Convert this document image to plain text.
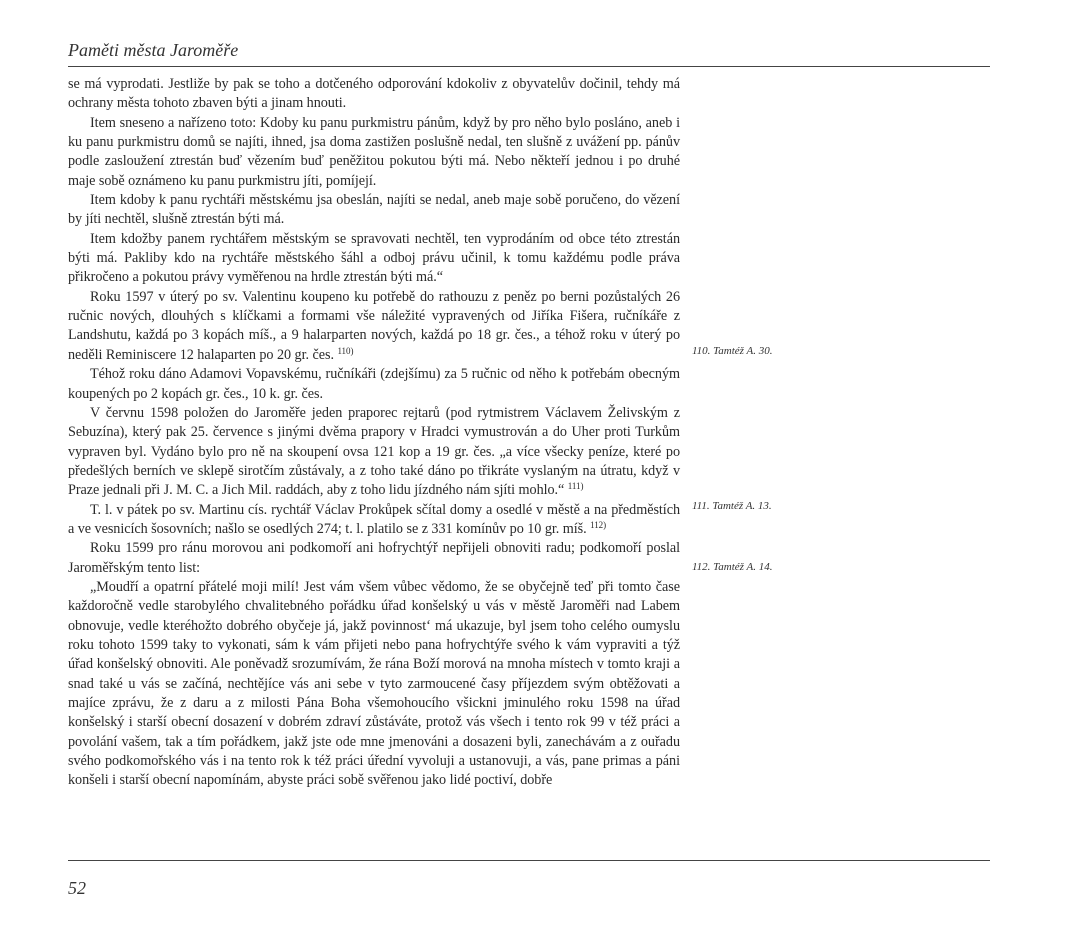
Paměti města Jaroměře

se má vyprodati. Jestliže by pak se toho a dotčeného odporování kdokoliv z obyvatelův dočinil, tehdy má ochrany města tohoto zbaven býti a jinam hnouti.

Item sneseno a nařízeno toto: Kdoby ku panu purkmistru pánům, když by pro něho bylo posláno, aneb i ku panu purkmistru domů se najíti, ihned, jsa doma zastižen poslušně nedal, ten slušně z uvážení pp. pánův podle zasloužení ztrestán buď vězením buď peněžitou pokutou býti má. Nebo někteří jednou i po druhé maje sobě oznámeno ku panu purkmistru jíti, pomíjejí.

Item kdoby k panu rychtáři městskému jsa obeslán, najíti se nedal, aneb maje sobě poručeno, do vězení by jíti nechtěl, slušně ztrestán býti má.

Item kdožby panem rychtářem městským se spravovati nechtěl, ten vyprodáním od obce této ztrestán býti má. Pakliby kdo na rychtáře městského šáhl a odboj právu učinil, k tomu každému podle práva přikročeno a pokutou právy vyměřenou na hrdle ztrestán býti má.“

Roku 1597 v úterý po sv. Valentinu koupeno ku potřebě do rathouzu z peněz po berni pozůstalých 26 ručnic nových, dlouhých s klíčkami a formami vše náležité vypravených od Jiříka Fišera, ručníkáře z Landshutu, každá po 3 kopách míš., a 9 halarparten nových, každá po 18 gr. čes., a téhož roku v úterý po neděli Reminiscere 12 halaparten po 20 gr. čes. $^{110)}$

Téhož roku dáno Adamovi Vopavskému, ručníkáři (zdejšímu) za 5 ručnic od něho k potřebám obecným koupených po 2 kopách gr. čes., 10 k. gr. čes.

V červnu 1598 položen do Jaroměře jeden praporec rejtarů (pod rytmistrem Václavem Želivským z Sebuzína), který pak 25. července s jinými dvěma prapory v Hradci vymustrován a do Uher proti Turkům vypraven byl. Vydáno bylo pro ně na skoupení ovsa 121 kop a 19 gr. čes. „a více všecky peníze, které po předešlých berních ve sklepě sirotčím zůstávaly, a z toho také dáno po třikráte vyslaným na útratu, když v Praze jednali při J. M. C. a Jich Mil. raddách, aby z toho lidu jízdného nám sjíti mohlo.“ $^{111)}$

T. l. v pátek po sv. Martinu cís. rychtář Václav Prokůpek sčítal domy a osedlé v městě a na předměstích a ve vesnicích šosovních; našlo se osedlých 274; t. l. platilo se z 331 komínův po 10 gr. míš. $^{112)}$

Roku 1599 pro ránu morovou ani podkomoří ani hofrychtýř nepřijeli obnoviti radu; podkomoří poslal Jaroměřským tento list:

„Moudří a opatrní přátelé moji milí! Jest vám všem vůbec vědomo, že se obyčejně teď při tomto čase každoročně vedle starobylého chvalitebného pořádku úřad konšelský u vás v městě Jaroměři nad Labem obnovuje, vedle kteréhožto dobrého obyčeje já, jakž povinnost‘ má ukazuje, byl jsem toho celého oumyslu roku tohoto 1599 taky to vykonati, sám k vám přijeti nebo pana hofrychtýře svého k vám vypraviti a týž úřad konšelský obnoviti. Ale poněvadž srozumívám, že rána Boží morová na mnoha místech v tomto kraji a snad také u vás se začíná, nechtějíce vás ani sebe v tyto zarmoucené časy příjezdem svým obtěžovati a majíce zprávu, že z daru a z milosti Pána Boha všemohoucího všickni jminulého roku 1598 na úřad konšelský i starší obecní dosazení v dobrém zdraví zůstáváte, protož vás všech i tento rok 99 v též práci a povolání vašem, tak a tím pořádkem, jakž jste ode mne jmenováni a dosazeni byli, zanechávám a z ouřadu svého podkomořského vás i na tento rok k též práci úřední vyvoluji a ustanovuji, a vás, pane primas a páni konšeli i starší obecní napomínám, abyste práci sobě svěřenou jako lidé poctiví, dobře

110. Tamtéž A. 30.
111. Tamtéž A. 13.
112. Tamtéž A. 14.
52
